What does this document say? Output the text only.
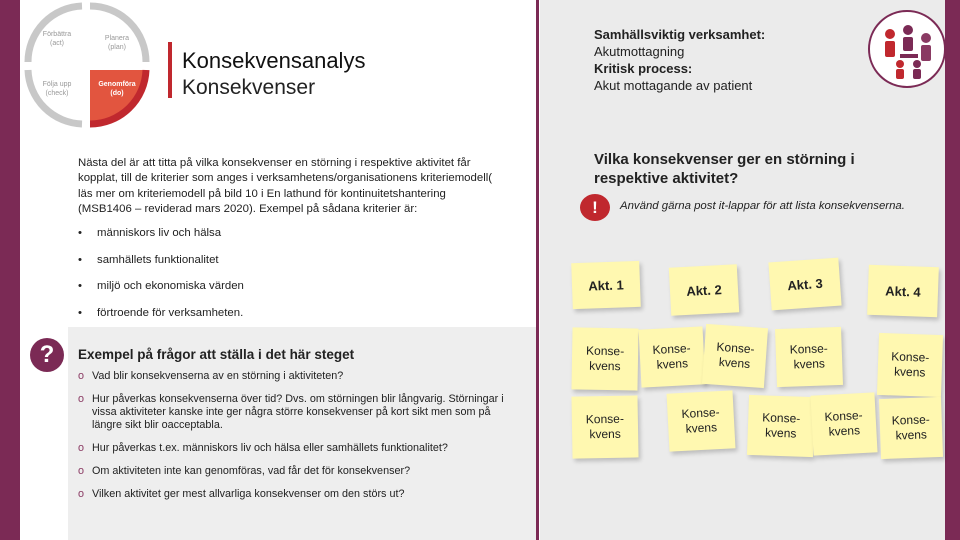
Förbättra
(act)
Planera
(plan)
Följa upp
(check)
Genomföra
(do)
Konsekvensanalys
Konsekvenser
Nästa del är att titta på vilka konsekvenser en störning i respektive aktivitet får kopplat, till de kriterier som anges i verksamhetens/organisationens kriteriemodell( läs mer om kriteriemodell på bild 10 i En lathund för kontinuitetshantering (MSB1406 – reviderad mars 2020). Exempel på sådana kriterier är:
• människors liv och hälsa
• samhällets funktionalitet
• miljö och ekonomiska värden
• förtroende för verksamheten.
?	Exempel på frågor att ställa i det här steget
o Vad blir konsekvenserna av en störning i aktiviteten?
o Hur påverkas konsekvenserna över tid? Dvs. om störningen blir långvarig. Störningar i vissa aktiviteter kanske inte ger några större konsekvenser på kort sikt men som på längre sikt blir oacceptabla.
o Hur påverkas t.ex. människors liv och hälsa eller samhällets funktionalitet?
o Om aktiviteten inte kan genomföras, vad får det för konsekvenser?
o Vilken aktivitet ger mest allvarliga konsekvenser om den störs ut?
Samhällsviktig verksamhet:
Akutmottagning
Kritisk process:
Akut mottagande av patient
Vilka konsekvenser ger en störning i respektive aktivitet?
!	Använd gärna post it-lappar för att lista konsekvenserna.
Akt. 1	Akt. 2	Akt. 3	Akt. 4
Konse-
kvens
Konse-
kvens
Konse-
kvens
Konse-
kvens
Konse-
kvens
Konse-
kvens
Konse-
kvens
Konse-
kvens
Konse-
kvens
Konse-
kvens
